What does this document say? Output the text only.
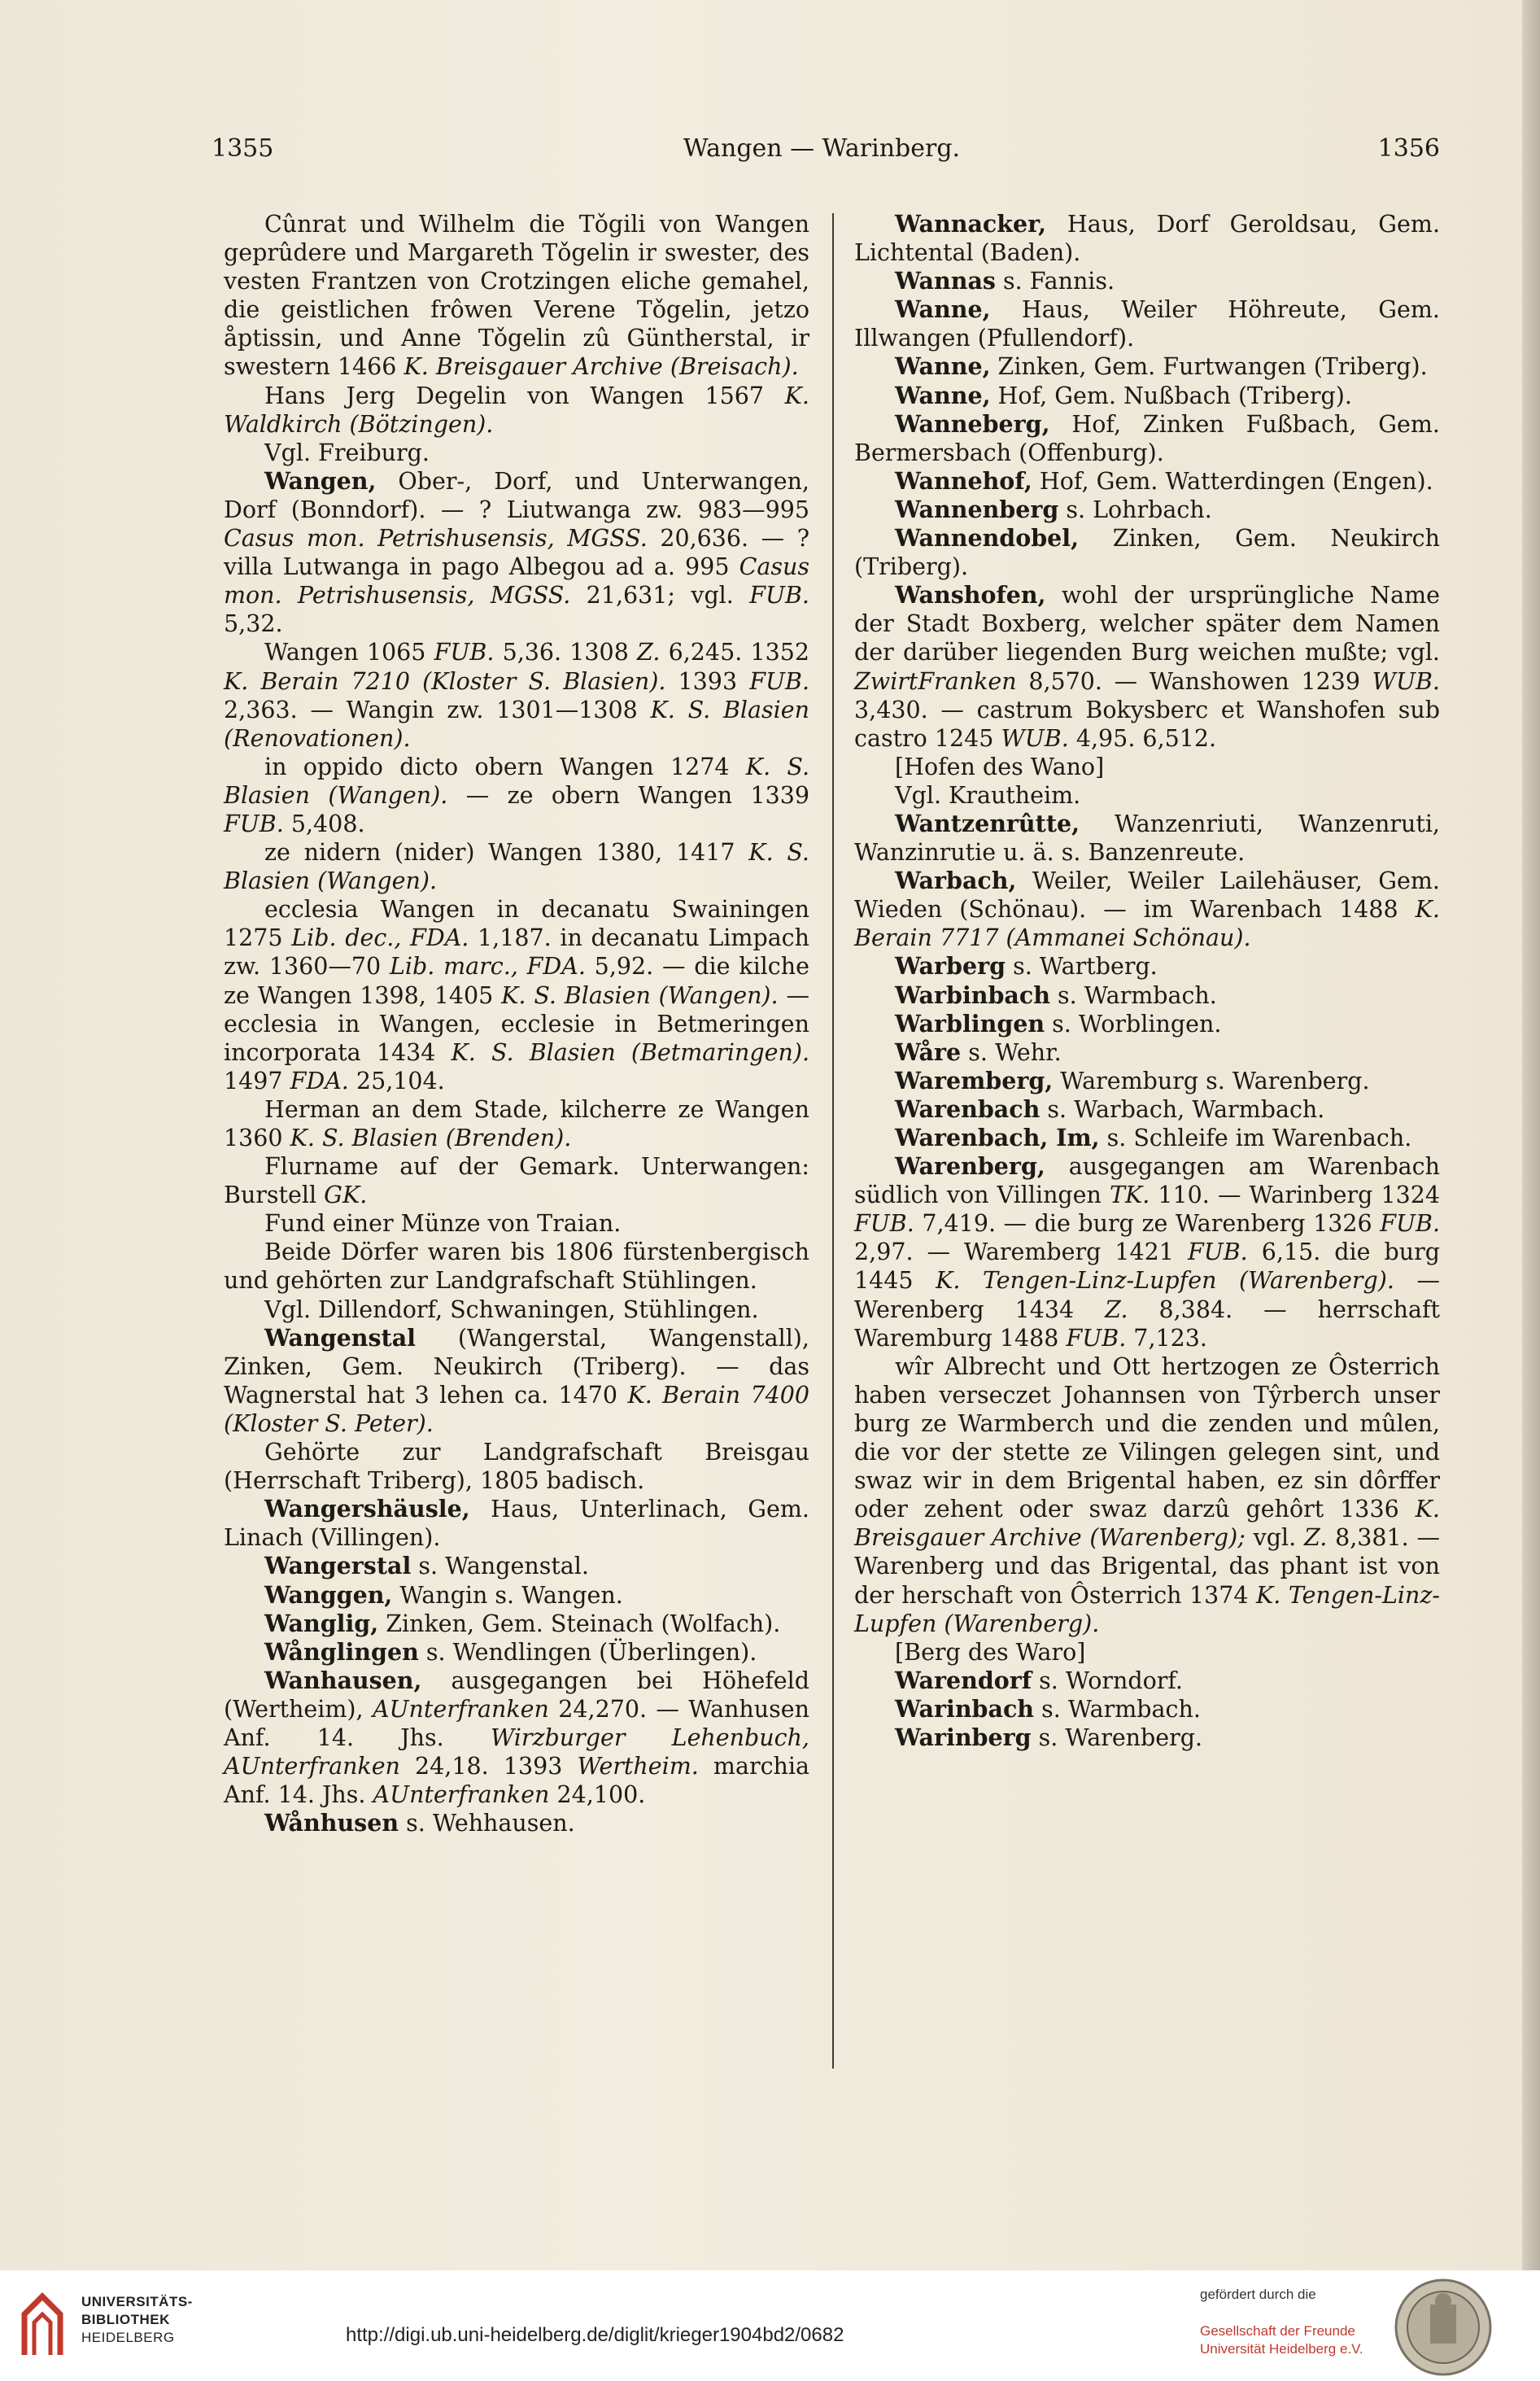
1355	Wangen — Warinberg.	1356

Cûnrat und Wilhelm die Tǒgili von Wangen geprûdere und Margareth Tǒgelin ir swester, des vesten Frantzen von Crotzingen eliche gemahel, die geistlichen frôwen Verene Tǒgelin, jetzo åptissin, und Anne Tǒgelin zû Güntherstal, ir swestern 1466 K. Breisgauer Archive (Breisach).

Hans Jerg Degelin von Wangen 1567 K. Waldkirch (Bötzingen).

Vgl. Freiburg.

Wangen, Ober-, Dorf, und Unterwangen, Dorf (Bonndorf). — ? Liutwanga zw. 983—995 Casus mon. Petrishusensis, MGSS. 20,636. — ? villa Lutwanga in pago Albegou ad a. 995 Casus mon. Petrishusensis, MGSS. 21,631; vgl. FUB. 5,32.

Wangen 1065 FUB. 5,36. 1308 Z. 6,245. 1352 K. Berain 7210 (Kloster S. Blasien). 1393 FUB. 2,363. — Wangin zw. 1301—1308 K. S. Blasien (Renovationen).

in oppido dicto obern Wangen 1274 K. S. Blasien (Wangen). — ze obern Wangen 1339 FUB. 5,408.

ze nidern (nider) Wangen 1380, 1417 K. S. Blasien (Wangen).

ecclesia Wangen in decanatu Swainingen 1275 Lib. dec., FDA. 1,187. in decanatu Limpach zw. 1360—70 Lib. marc., FDA. 5,92. — die kilche ze Wangen 1398, 1405 K. S. Blasien (Wangen). — ecclesia in Wangen, ecclesie in Betmeringen incorporata 1434 K. S. Blasien (Betmaringen). 1497 FDA. 25,104.

Herman an dem Stade, kilcherre ze Wangen 1360 K. S. Blasien (Brenden).

Flurname auf der Gemark. Unterwangen: Burstell GK.

Fund einer Münze von Traian.

Beide Dörfer waren bis 1806 fürstenbergisch und gehörten zur Landgrafschaft Stühlingen.

Vgl. Dillendorf, Schwaningen, Stühlingen.

Wangenstal (Wangerstal, Wangenstall), Zinken, Gem. Neukirch (Triberg). — das Wagnerstal hat 3 lehen ca. 1470 K. Berain 7400 (Kloster S. Peter).

Gehörte zur Landgrafschaft Breisgau (Herrschaft Triberg), 1805 badisch.

Wangershäusle, Haus, Unterlinach, Gem. Linach (Villingen).

Wangerstal s. Wangenstal.

Wanggen, Wangin s. Wangen.

Wanglig, Zinken, Gem. Steinach (Wolfach).

Wånglingen s. Wendlingen (Überlingen).

Wanhausen, ausgegangen bei Höhefeld (Wertheim), AUnterfranken 24,270. — Wanhusen Anf. 14. Jhs. Wirzburger Lehenbuch, AUnterfranken 24,18. 1393 Wertheim. marchia Anf. 14. Jhs. AUnterfranken 24,100.

Wånhusen s. Wehhausen.

Wannacker, Haus, Dorf Geroldsau, Gem. Lichtental (Baden).

Wannas s. Fannis.

Wanne, Haus, Weiler Höhreute, Gem. Illwangen (Pfullendorf).

Wanne, Zinken, Gem. Furtwangen (Triberg).

Wanne, Hof, Gem. Nußbach (Triberg).

Wanneberg, Hof, Zinken Fußbach, Gem. Bermersbach (Offenburg).

Wannehof, Hof, Gem. Watterdingen (Engen).

Wannenberg s. Lohrbach.

Wannendobel, Zinken, Gem. Neukirch (Triberg).

Wanshofen, wohl der ursprüngliche Name der Stadt Boxberg, welcher später dem Namen der darüber liegenden Burg weichen mußte; vgl. ZwirtFranken 8,570. — Wanshowen 1239 WUB. 3,430. — castrum Bokysberc et Wanshofen sub castro 1245 WUB. 4,95. 6,512.

[Hofen des Wano]

Vgl. Krautheim.

Wantzenrûtte, Wanzenriuti, Wanzenruti, Wanzinrutie u. ä. s. Banzenreute.

Warbach, Weiler, Weiler Lailehäuser, Gem. Wieden (Schönau). — im Warenbach 1488 K. Berain 7717 (Ammanei Schönau).

Warberg s. Wartberg.

Warbinbach s. Warmbach.

Warblingen s. Worblingen.

Wåre s. Wehr.

Waremberg, Waremburg s. Warenberg.

Warenbach s. Warbach, Warmbach.

Warenbach, Im, s. Schleife im Warenbach.

Warenberg, ausgegangen am Warenbach südlich von Villingen TK. 110. — Warinberg 1324 FUB. 7,419. — die burg ze Warenberg 1326 FUB. 2,97. — Waremberg 1421 FUB. 6,15. die burg 1445 K. Tengen-Linz-Lupfen (Warenberg). — Werenberg 1434 Z. 8,384. — herrschaft Waremburg 1488 FUB. 7,123.

wîr Albrecht und Ott hertzogen ze Ôsterrich haben verseczet Johannsen von Tŷrberch unser burg ze Warmberch und die zenden und mûlen, die vor der stette ze Vilingen gelegen sint, und swaz wir in dem Brigental haben, ez sin dôrffer oder zehent oder swaz darzû gehôrt 1336 K. Breisgauer Archive (Warenberg); vgl. Z. 8,381. — Warenberg und das Brigental, das phant ist von der herschaft von Ôsterrich 1374 K. Tengen-Linz-Lupfen (Warenberg).

[Berg des Waro]

Warendorf s. Worndorf.

Warinbach s. Warmbach.

Warinberg s. Warenberg.

UNIVERSITÄTS-
BIBLIOTHEK
HEIDELBERG	http://digi.ub.uni-heidelberg.de/diglit/krieger1904bd2/0682
gefördert durch die
Gesellschaft der Freunde
Universität Heidelberg e.V.
